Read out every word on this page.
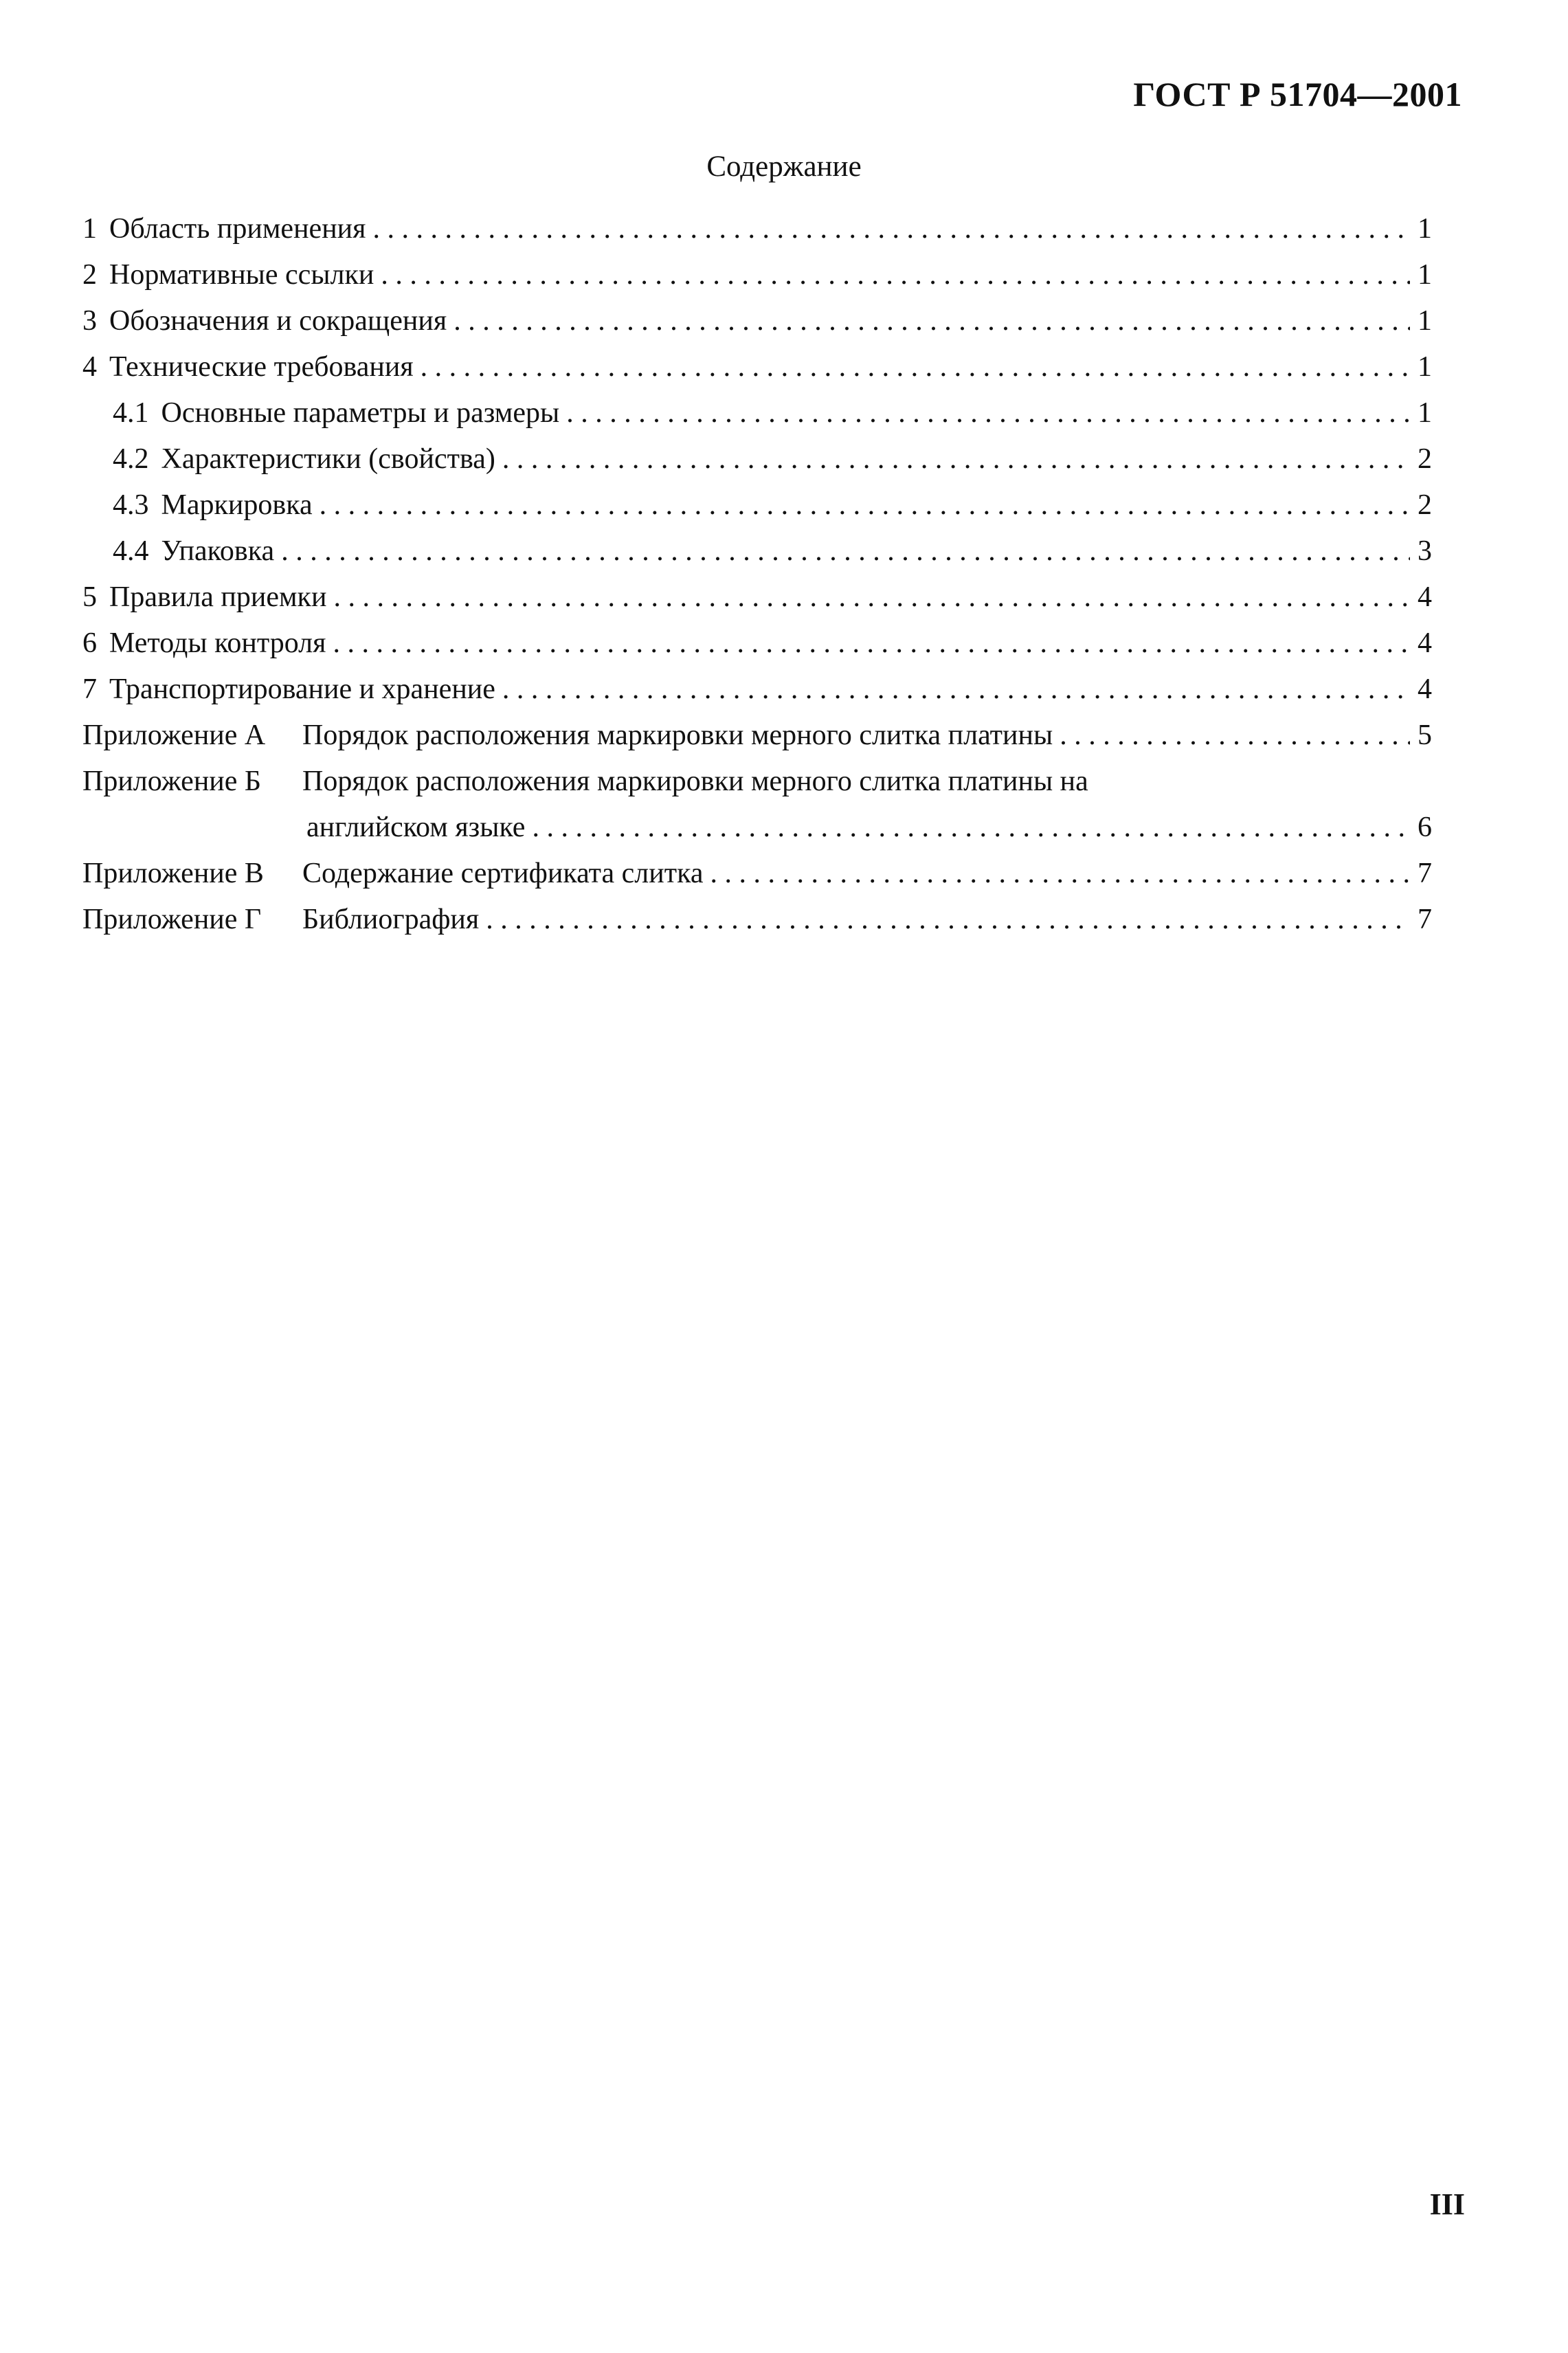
ГОСТ Р 51704—2001
Содержание
1 Область применения . . .	1
2 Нормативные ссылки . . .	1
3 Обозначения и сокращения . . .	1
4 Технические требования . . .	1
4.1 Основные параметры и размеры . . .	1
4.2 Характеристики (свойства) . . .	2
4.3 Маркировка . . .	2
4.4 Упаковка . . .	3
5 Правила приемки . . .	4
6 Методы контроля . . .	4
7 Транспортирование и хранение . . .	4
Приложение А Порядок расположения маркировки мерного слитка платины . . .	5
Приложение Б Порядок расположения маркировки мерного слитка платины на
английском языке . . .	6
Приложение В Содержание сертификата слитка . . .	7
Приложение Г Библиография . . .	7
III
